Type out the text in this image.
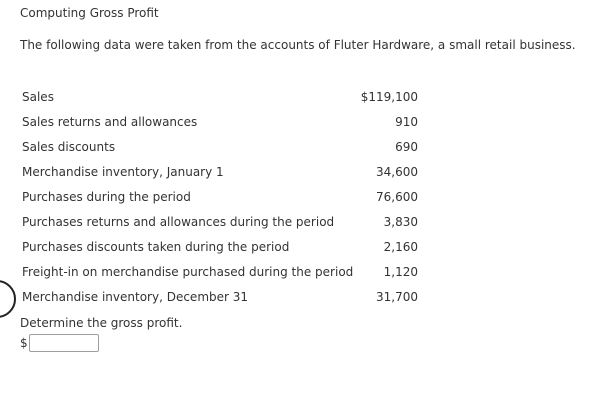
Computing Gross Profit
The following data were taken from the accounts of Fluter Hardware, a small retail business.
Sales	$119,100
Sales returns and allowances	910
Sales discounts	690
Merchandise inventory, January 1	34,600
Purchases during the period	76,600
Purchases returns and allowances during the period	3,830
Purchases discounts taken during the period	2,160
Freight-in on merchandise purchased during the period	1,120
Merchandise inventory, December 31	31,700
Determine the gross profit.
$
